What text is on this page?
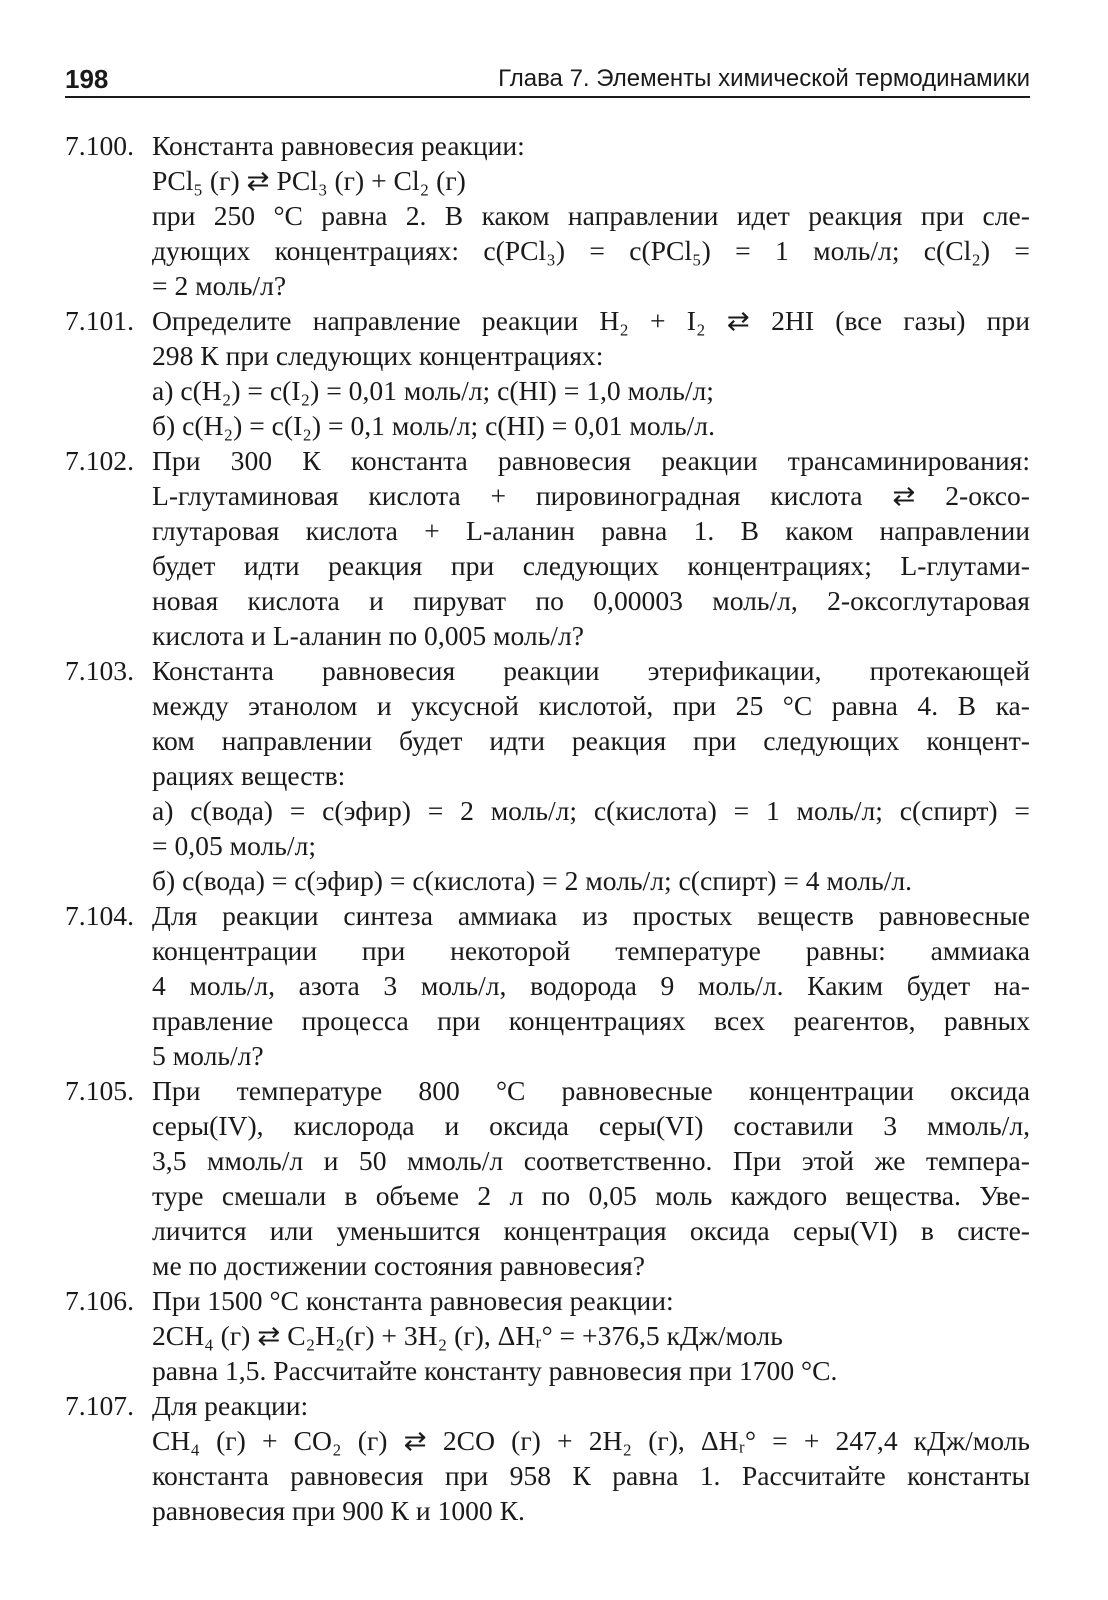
198	Глава 7. Элементы химической термодинамики
7.100. Константа равновесия реакции:
PCl₅ (г) ⇄ PCl₃ (г) + Cl₂ (г)
при 250 °С равна 2. В каком направлении идет реакция при сле-
дующих концентрациях: c(PCl₃) = c(PCl₅) = 1 моль/л; c(Cl₂) =
= 2 моль/л?
7.101. Определите направление реакции H₂ + I₂ ⇄ 2HI (все газы) при
298 К при следующих концентрациях:
а) c(H₂) = c(I₂) = 0,01 моль/л; c(HI) = 1,0 моль/л;
б) c(H₂) = c(I₂) = 0,1 моль/л; c(HI) = 0,01 моль/л.
7.102. При 300 К константа равновесия реакции трансаминирования:
L-глутаминовая кислота + пировиноградная кислота ⇄ 2-оксо-
глутаровая кислота + L-аланин равна 1. В каком направлении
будет идти реакция при следующих концентрациях; L-глутами-
новая кислота и пируват по 0,00003 моль/л, 2-оксоглутаровая
кислота и L-аланин по 0,005 моль/л?
7.103. Константа равновесия реакции этерификации, протекающей
между этанолом и уксусной кислотой, при 25 °С равна 4. В ка-
ком направлении будет идти реакция при следующих концент-
рациях веществ:
а) c(вода) = c(эфир) = 2 моль/л; c(кислота) = 1 моль/л; c(спирт) =
= 0,05 моль/л;
б) c(вода) = c(эфир) = c(кислота) = 2 моль/л; c(спирт) = 4 моль/л.
7.104. Для реакции синтеза аммиака из простых веществ равновесные
концентрации при некоторой температуре равны: аммиака
4 моль/л, азота 3 моль/л, водорода 9 моль/л. Каким будет на-
правление процесса при концентрациях всех реагентов, равных
5 моль/л?
7.105. При температуре 800 °С равновесные концентрации оксида
серы(IV), кислорода и оксида серы(VI) составили 3 ммоль/л,
3,5 ммоль/л и 50 ммоль/л соответственно. При этой же темпера-
туре смешали в объеме 2 л по 0,05 моль каждого вещества. Уве-
личится или уменьшится концентрация оксида серы(VI) в систе-
ме по достижении состояния равновесия?
7.106. При 1500 °С константа равновесия реакции:
2CH₄ (г) ⇄ C₂H₂(г) + 3H₂ (г), ΔHᵣ° = +376,5 кДж/моль
равна 1,5. Рассчитайте константу равновесия при 1700 °С.
7.107. Для реакции:
CH₄ (г) + CO₂ (г) ⇄ 2CO (г) + 2H₂ (г), ΔHᵣ° = + 247,4 кДж/моль
константа равновесия при 958 К равна 1. Рассчитайте константы
равновесия при 900 К и 1000 К.
